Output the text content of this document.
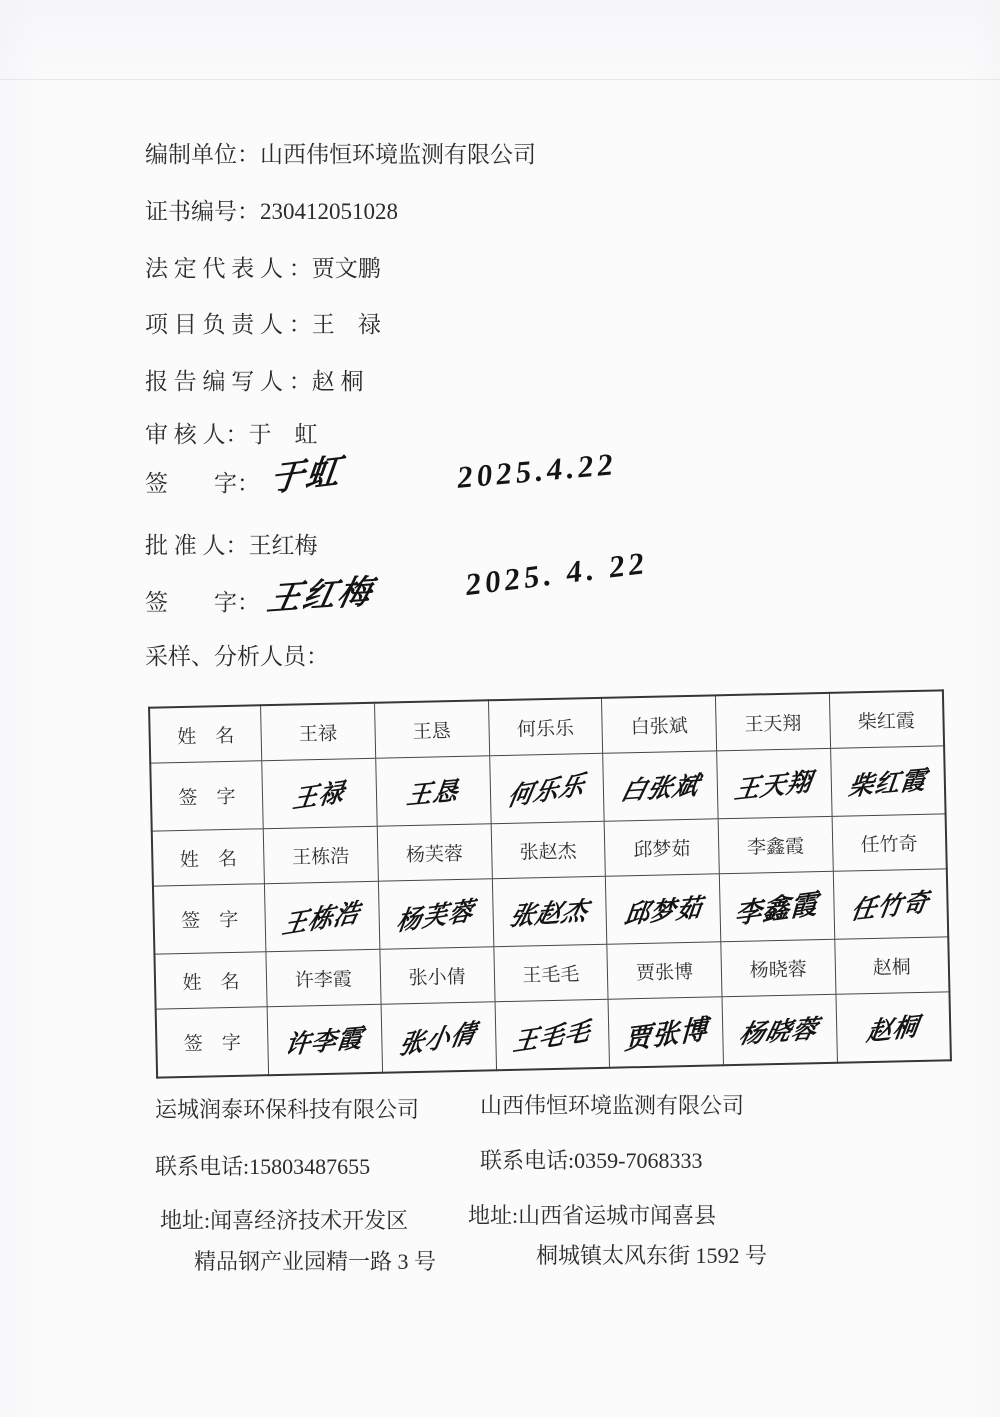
编制单位：山西伟恒环境监测有限公司
证书编号：230412051028
法 定 代 表 人 ：贾文鹏
项 目 负 责 人 ：王　禄
报 告 编 写 人 ：赵 桐
审 核 人：于　虹
签　　字： 于虹	2025.4.22
批 准 人：王红梅
签　　字： 王红梅	2025. 4. 22
采样、分析人员：
姓　名	王禄	王恳	何乐乐	白张斌	王天翔	柴红霞
签　字	王禄	王恳	何乐乐	白张斌	王天翔	柴红霞
姓　名	王栋浩	杨芙蓉	张赵杰	邱梦茹	李鑫霞	任竹奇
签　字	王栋浩	杨芙蓉	张赵杰	邱梦茹	李鑫霞	任竹奇
姓　名	许李霞	张小倩	王毛毛	贾张博	杨晓蓉	赵桐
签　字	许李霞	张小倩	王毛毛	贾张博	杨晓蓉	赵桐
运城润泰环保科技有限公司	山西伟恒环境监测有限公司
联系电话:15803487655	联系电话:0359-7068333
地址:闻喜经济技术开发区	地址:山西省运城市闻喜县
精品钢产业园精一路 3 号	桐城镇太风东街 1592 号
